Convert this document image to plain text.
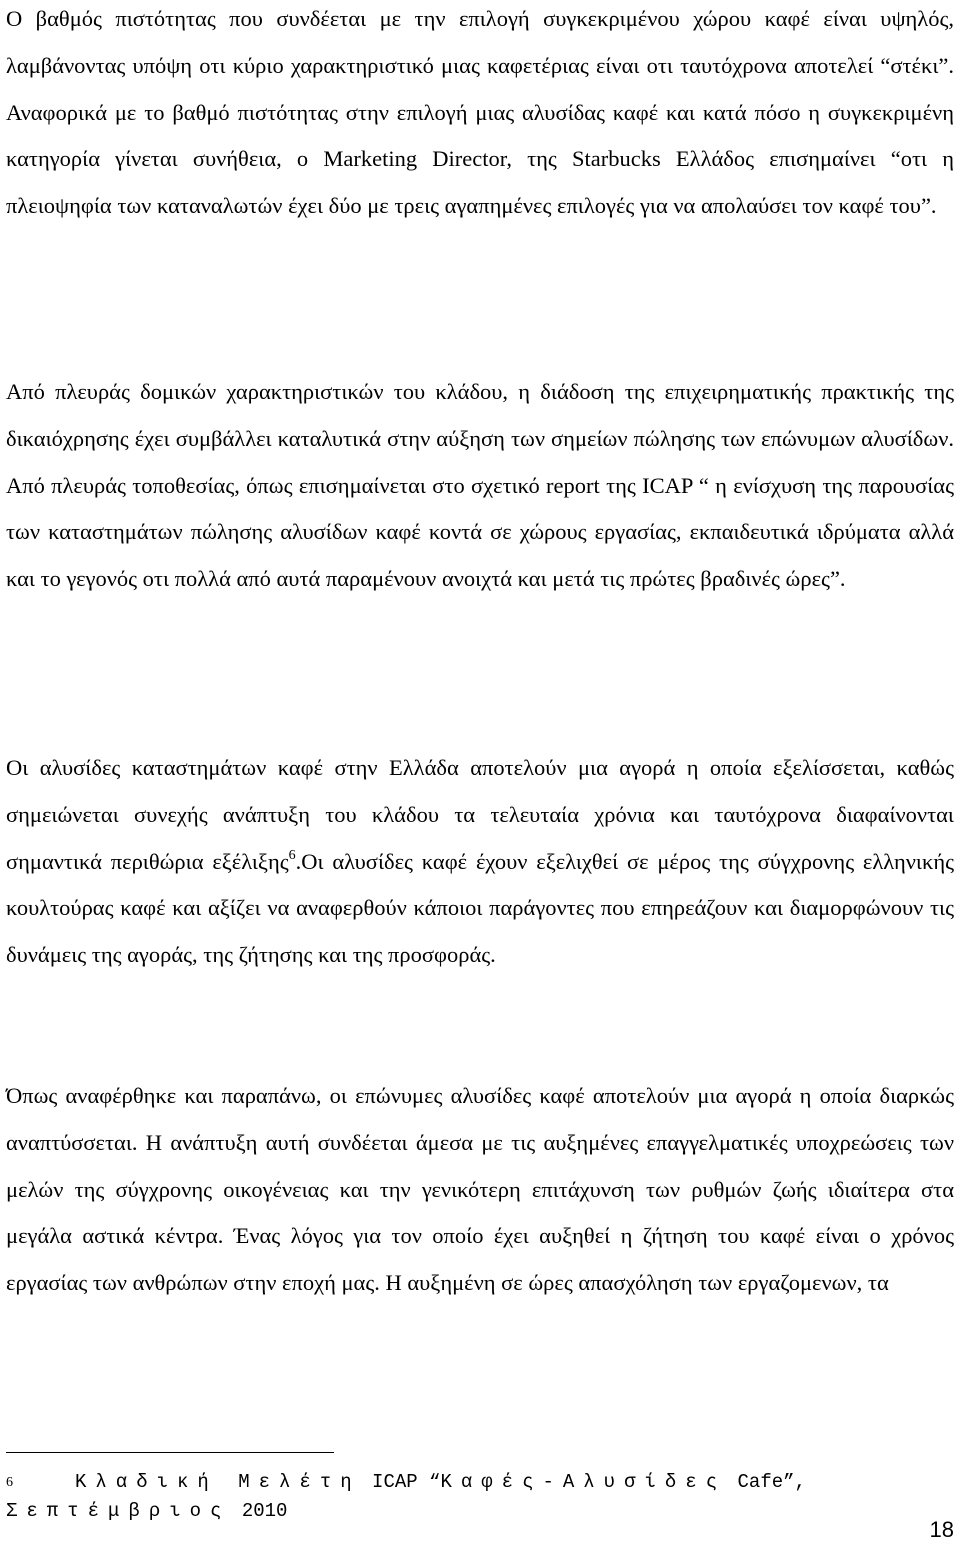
Ο βαθμός πιστότητας που συνδέεται με την επιλογή συγκεκριμένου χώρου καφέ είναι υψηλός, λαμβάνοντας υπόψη οτι κύριο χαρακτηριστικό μιας καφετέριας είναι οτι ταυτόχρονα αποτελεί “στέκι”. Αναφορικά με το βαθμό πιστότητας στην επιλογή μιας αλυσίδας καφέ και κατά πόσο η συγκεκριμένη κατηγορία γίνεται συνήθεια, ο Marketing Director, της Starbucks Ελλάδος επισημαίνει “οτι η πλειοψηφία των καταναλωτών έχει δύο με τρεις αγαπημένες επιλογές για να απολαύσει τον καφέ του”.

Από πλευράς δομικών χαρακτηριστικών του κλάδου, η διάδοση της επιχειρηματικής πρακτικής της δικαιόχρησης έχει συμβάλλει καταλυτικά στην αύξηση των σημείων πώλησης των επώνυμων αλυσίδων. Από πλευράς τοποθεσίας, όπως επισημαίνεται στο σχετικό report της ICAP “ η ενίσχυση της παρουσίας των καταστημάτων πώλησης αλυσίδων καφέ κοντά σε χώρους εργασίας, εκπαιδευτικά ιδρύματα αλλά και το γεγονός οτι πολλά από αυτά παραμένουν ανοιχτά και μετά τις πρώτες βραδινές ώρες”.

Οι αλυσίδες καταστημάτων καφέ στην Ελλάδα αποτελούν μια αγορά η οποία εξελίσσεται, καθώς σημειώνεται συνεχής ανάπτυξη του κλάδου τα τελευταία χρόνια και ταυτόχρονα διαφαίνονται σημαντικά περιθώρια εξέλιξης$^6$.Οι αλυσίδες καφέ έχουν εξελιχθεί σε μέρος της σύγχρονης ελληνικής κουλτούρας καφέ και αξίζει να αναφερθούν κάποιοι παράγοντες που επηρεάζουν και διαμορφώνουν τις δυνάμεις της αγοράς, της ζήτησης και της προσφοράς.

Όπως αναφέρθηκε και παραπάνω, οι επώνυμες αλυσίδες καφέ αποτελούν μια αγορά η οποία διαρκώς αναπτύσσεται. Η ανάπτυξη αυτή συνδέεται άμεσα με τις αυξημένες επαγγελματικές υποχρεώσεις των μελών της σύγχρονης οικογένειας και την γενικότερη επιτάχυνση των ρυθμών ζωής ιδιαίτερα στα μεγάλα αστικά κέντρα. Ένας λόγος για τον οποίο έχει αυξηθεί η ζήτηση του καφέ είναι ο χρόνος εργασίας των ανθρώπων στην εποχή μας. Η αυξημένη σε ώρες απασχόληση των εργαζομενων, τα

$^6$	Κλαδική Μελέτη ICAP “Καφές-Αλυσίδες Cafe”,
Σεπτέμβριος 2010

18
